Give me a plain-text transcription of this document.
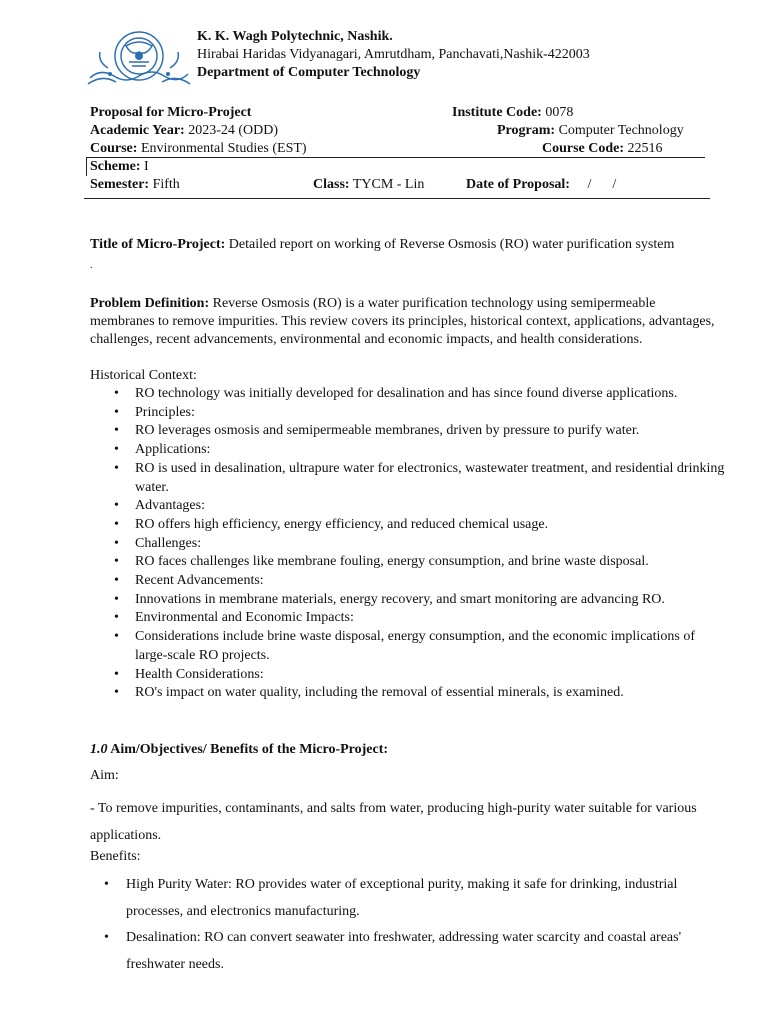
K. K. Wagh Polytechnic, Nashik.
Hirabai Haridas Vidyanagari, Amrutdham, Panchavati,Nashik-422003
Department of Computer Technology
Proposal for Micro-Project	Institute Code: 0078
Academic Year: 2023-24 (ODD)	Program: Computer Technology
Course: Environmental Studies (EST)	Course Code: 22516
Scheme: I
Semester: Fifth	Class: TYCM - Lin	Date of Proposal: /      /
Title of Micro-Project: Detailed report on working of Reverse Osmosis (RO) water purification system
.
Problem Definition: Reverse Osmosis (RO) is a water purification technology using semipermeable membranes to remove impurities. This review covers its principles, historical context, applications, advantages, challenges, recent advancements, environmental and economic impacts, and health considerations.
Historical Context:
• RO technology was initially developed for desalination and has since found diverse applications.
• Principles:
• RO leverages osmosis and semipermeable membranes, driven by pressure to purify water.
• Applications:
• RO is used in desalination, ultrapure water for electronics, wastewater treatment, and residential drinking water.
• Advantages:
• RO offers high efficiency, energy efficiency, and reduced chemical usage.
• Challenges:
• RO faces challenges like membrane fouling, energy consumption, and brine waste disposal.
• Recent Advancements:
• Innovations in membrane materials, energy recovery, and smart monitoring are advancing RO.
• Environmental and Economic Impacts:
• Considerations include brine waste disposal, energy consumption, and the economic implications of large-scale RO projects.
• Health Considerations:
• RO's impact on water quality, including the removal of essential minerals, is examined.
1.0 Aim/Objectives/ Benefits of the Micro-Project:
Aim:
- To remove impurities, contaminants, and salts from water, producing high-purity water suitable for various applications.
Benefits:
• High Purity Water: RO provides water of exceptional purity, making it safe for drinking, industrial processes, and electronics manufacturing.
• Desalination: RO can convert seawater into freshwater, addressing water scarcity and coastal areas' freshwater needs.
